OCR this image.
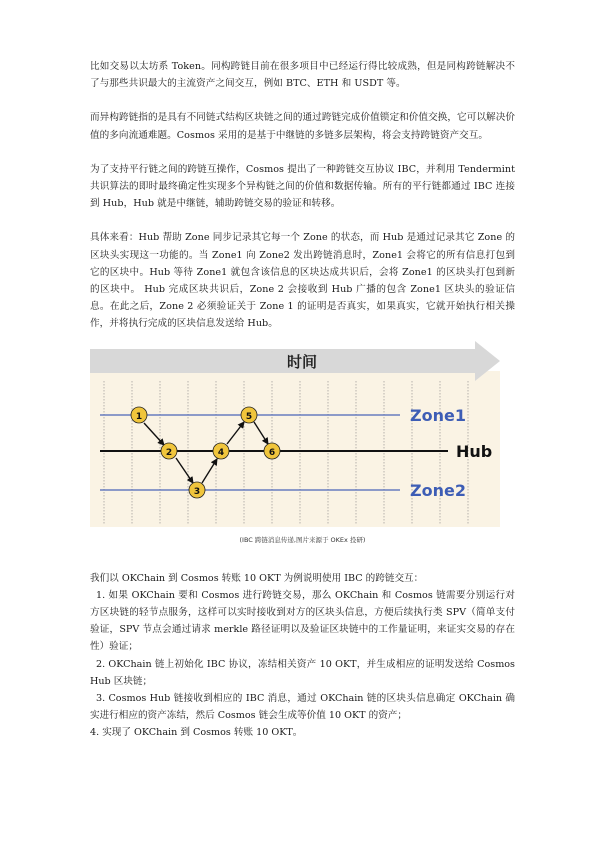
比如交易以太坊系 Token。同构跨链目前在很多项目中已经运行得比较成熟，但是同构跨链解决不了与那些共识最大的主流资产之间交互，例如 BTC、ETH 和 USDT 等。

而异构跨链指的是具有不同链式结构区块链之间的通过跨链完成价值锁定和价值交换，它可以解决价值的多向流通难题。Cosmos 采用的是基于中继链的多链多层架构，将会支持跨链资产交互。

为了支持平行链之间的跨链互操作，Cosmos 提出了一种跨链交互协议 IBC，并利用 Tendermint 共识算法的即时最终确定性实现多个异构链之间的价值和数据传输。所有的平行链都通过 IBC 连接到 Hub，Hub 就是中继链，辅助跨链交易的验证和转移。

具体来看：Hub 帮助 Zone 同步记录其它每一个 Zone 的状态，而 Hub 是通过记录其它 Zone 的区块头实现这一功能的。当 Zone1 向 Zone2 发出跨链消息时，Zone1 会将它的所有信息打包到它的区块中。Hub 等待 Zone1 就包含该信息的区块达成共识后，会将 Zone1 的区块头打包到新的区块中。 Hub 完成区块共识后，Zone 2 会接收到 Hub 广播的包含 Zone1 区块头的验证信息。在此之后，Zone 2 必须验证关于 Zone 1 的证明是否真实，如果真实，它就开始执行相关操作，并将执行完成的区块信息发送给 Hub。

时间
Zone1
Hub
Zone2
1
2
3
4
5
6
(IBC 跨链消息传递,图片来源于 OKEx 投研)

我们以 OKChain 到 Cosmos 转账 10 OKT 为例说明使用 IBC 的跨链交互：

1. 如果 OKChain 要和 Cosmos 进行跨链交易，那么 OKChain 和 Cosmos 链需要分别运行对方区块链的轻节点服务，这样可以实时接收到对方的区块头信息，方便后续执行类 SPV（简单支付验证，SPV 节点会通过请求 merkle 路径证明以及验证区块链中的工作量证明，来证实交易的存在性）验证；

2. OKChain 链上初始化 IBC 协议，冻结相关资产 10 OKT，并生成相应的证明发送给 Cosmos Hub 区块链；

3. Cosmos Hub 链接收到相应的 IBC 消息，通过 OKChain 链的区块头信息确定 OKChain 确实进行相应的资产冻结，然后 Cosmos 链会生成等价值 10 OKT 的资产；

4. 实现了 OKChain 到 Cosmos 转账 10 OKT。
